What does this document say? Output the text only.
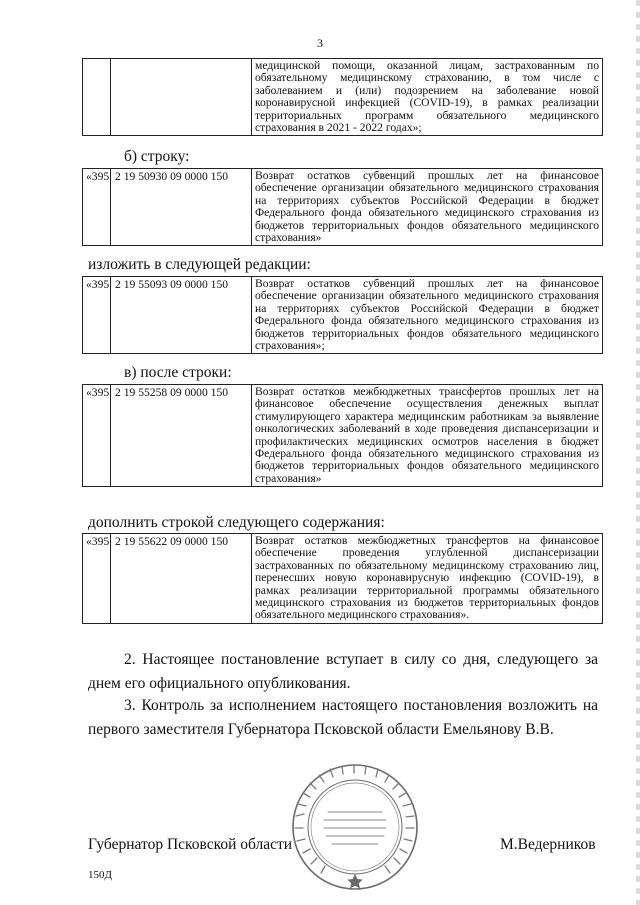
3
		медицинской помощи, оказанной лицам, застрахованным по обязательному медицинскому страхованию, в том числе с заболеванием и (или) подозрением на заболевание новой коронавирусной инфекцией (COVID-19), в рамках реализации территориальных программ обязательного медицинского страхования в 2021 - 2022 годах»;
б) строку:
«395	2 19 50930 09 0000 150	Возврат остатков субвенций прошлых лет на финансовое обеспечение организации обязательного медицинского страхования на территориях субъектов Российской Федерации в бюджет Федерального фонда обязательного медицинского страхования из бюджетов территориальных фондов обязательного медицинского страхования»
изложить в следующей редакции:
«395	2 19 55093 09 0000 150	Возврат остатков субвенций прошлых лет на финансовое обеспечение организации обязательного медицинского страхования на территориях субъектов Российской Федерации в бюджет Федерального фонда обязательного медицинского страхования из бюджетов территориальных фондов обязательного медицинского страхования»;
в) после строки:
«395	2 19 55258 09 0000 150	Возврат остатков межбюджетных трансфертов прошлых лет на финансовое обеспечение осуществления денежных выплат стимулирующего характера медицинским работникам за выявление онкологических заболеваний в ходе проведения диспансеризации и профилактических медицинских осмотров населения в бюджет Федерального фонда обязательного медицинского страхования из бюджетов территориальных фондов обязательного медицинского страхования»
дополнить строкой следующего содержания:
«395	2 19 55622 09 0000 150	Возврат остатков межбюджетных трансфертов на финансовое обеспечение проведения углубленной диспансеризации застрахованных по обязательному медицинскому страхованию лиц, перенесших новую коронавирусную инфекцию (COVID-19), в рамках реализации территориальной программы обязательного медицинского страхования из бюджетов территориальных фондов обязательного медицинского страхования».
2. Настоящее постановление вступает в силу со дня, следующего за днем его официального опубликования.
3. Контроль за исполнением настоящего постановления возложить на первого заместителя Губернатора Псковской области Емельянову В.В.
Губернатор Псковской области	М.Ведерников
150Д
